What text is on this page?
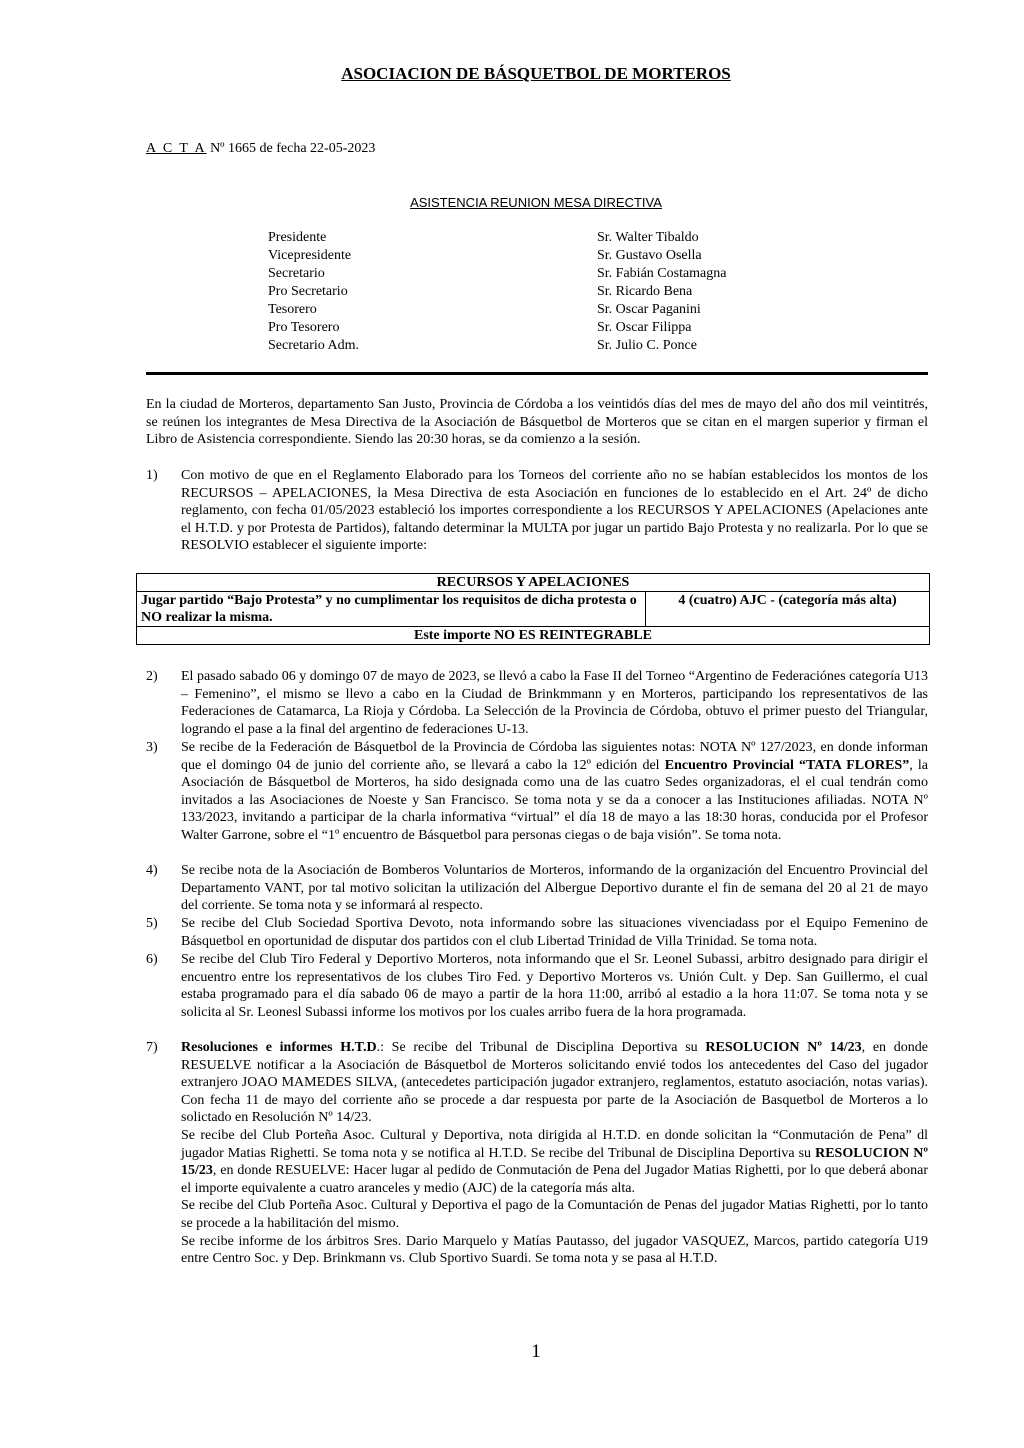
ASOCIACION DE BÁSQUETBOL DE MORTEROS
A C T A Nº 1665 de fecha 22-05-2023
ASISTENCIA REUNION MESA DIRECTIVA
Presidente	Sr. Walter Tibaldo
Vicepresidente	Sr. Gustavo Osella
Secretario	Sr. Fabián Costamagna
Pro Secretario	Sr. Ricardo Bena
Tesorero	Sr. Oscar Paganini
Pro Tesorero	Sr. Oscar Filippa
Secretario Adm.	Sr. Julio C. Ponce
En la ciudad de Morteros, departamento San Justo, Provincia de Córdoba a los veintidós días del mes de mayo del año dos mil veintitrés, se reúnen los integrantes de Mesa Directiva de la Asociación de Básquetbol de Morteros que se citan en el margen superior y firman el Libro de Asistencia correspondiente. Siendo las 20:30 horas, se da comienzo a la sesión.
1)	Con motivo de que en el Reglamento Elaborado para los Torneos del corriente año no se habían establecidos los montos de los RECURSOS – APELACIONES, la Mesa Directiva de esta Asociación en funciones de lo establecido en el Art. 24º de dicho reglamento, con fecha 01/05/2023 estableció los importes correspondiente a los RECURSOS Y APELACIONES (Apelaciones ante el H.T.D. y por Protesta de Partidos), faltando determinar la MULTA por jugar un partido Bajo Protesta y no realizarla. Por lo que se RESOLVIO establecer el siguiente importe:
RECURSOS Y APELACIONES
Jugar partido “Bajo Protesta” y no cumplimentar los requisitos de dicha protesta o NO realizar la misma.	4 (cuatro) AJC - (categoría más alta)
Este importe NO ES REINTEGRABLE
2)	El pasado sabado 06 y domingo 07 de mayo de 2023, se llevó a cabo la Fase II del Torneo “Argentino de Federaciónes categoría U13 – Femenino”, el mismo se llevo a cabo en la Ciudad de Brinkmmann y en Morteros, participando los representativos de las Federaciones de Catamarca, La Rioja y Córdoba. La Selección de la Provincia de Córdoba, obtuvo el primer puesto del Triangular, logrando el pase a la final del argentino de federaciones U-13.
3)	Se recibe de la Federación de Básquetbol de la Provincia de Córdoba las siguientes notas: NOTA Nº 127/2023, en donde informan que el domingo 04 de junio del corriente año, se llevará a cabo la 12º edición del Encuentro Provincial “TATA FLORES”, la Asociación de Básquetbol de Morteros, ha sido designada como una de las cuatro Sedes organizadoras, el el cual tendrán como invitados a las Asociaciones de Noeste y San Francisco. Se toma nota y se da a conocer a las Instituciones afiliadas. NOTA Nº 133/2023, invitando a participar de la charla informativa “virtual” el día 18 de mayo a las 18:30 horas, conducida por el Profesor Walter Garrone, sobre el “1º encuentro de Básquetbol para personas ciegas o de baja visión”. Se toma nota.
4)	Se recibe nota de la Asociación de Bomberos Voluntarios de Morteros, informando de la organización del Encuentro Provincial del Departamento VANT, por tal motivo solicitan la utilización del Albergue Deportivo durante el fin de semana del 20 al 21 de mayo del corriente. Se toma nota y se informará al respecto.
5)	Se recibe del Club Sociedad Sportiva Devoto, nota informando sobre las situaciones vivenciadass por el Equipo Femenino de Básquetbol en oportunidad de disputar dos partidos con el club Libertad Trinidad de Villa Trinidad. Se toma nota.
6)	Se recibe del Club Tiro Federal y Deportivo Morteros, nota informando que el Sr. Leonel Subassi, arbitro designado para dirigir el encuentro entre los representativos de los clubes Tiro Fed. y Deportivo Morteros vs. Unión Cult. y Dep. San Guillermo, el cual estaba programado para el día sabado 06 de mayo a partir de la hora 11:00, arribó al estadio a la hora 11:07. Se toma nota y se solicita al Sr. Leonesl Subassi informe los motivos por los cuales arribo fuera de la hora programada.
7)	Resoluciones e informes H.T.D.: Se recibe del Tribunal de Disciplina Deportiva su RESOLUCION Nº 14/23, en donde RESUELVE notificar a la Asociación de Básquetbol de Morteros solicitando envié todos los antecedentes del Caso del jugador extranjero JOAO MAMEDES SILVA, (antecedetes participación jugador extranjero, reglamentos, estatuto asociación, notas varias). Con fecha 11 de mayo del corriente año se procede a dar respuesta por parte de la Asociación de Basquetbol de Morteros a lo solictado en Resolución Nº 14/23.
Se recibe del Club Porteña Asoc. Cultural y Deportiva, nota dirigida al H.T.D. en donde solicitan la “Conmutación de Pena” dl jugador Matias Righetti. Se toma nota y se notifica al H.T.D. Se recibe del Tribunal de Disciplina Deportiva su RESOLUCION Nº 15/23, en donde RESUELVE: Hacer lugar al pedido de Conmutación de Pena del Jugador Matias Righetti, por lo que deberá abonar el importe equivalente a cuatro aranceles y medio (AJC) de la categoría más alta.
Se recibe del Club Porteña Asoc. Cultural y Deportiva el pago de la Comuntación de Penas del jugador Matias Righetti, por lo tanto se procede a la habilitación del mismo.
Se recibe informe de los árbitros Sres. Dario Marquelo y Matías Pautasso, del jugador VASQUEZ, Marcos, partido categoría U19 entre Centro Soc. y Dep. Brinkmann vs. Club Sportivo Suardi. Se toma nota y se pasa al H.T.D.
1
